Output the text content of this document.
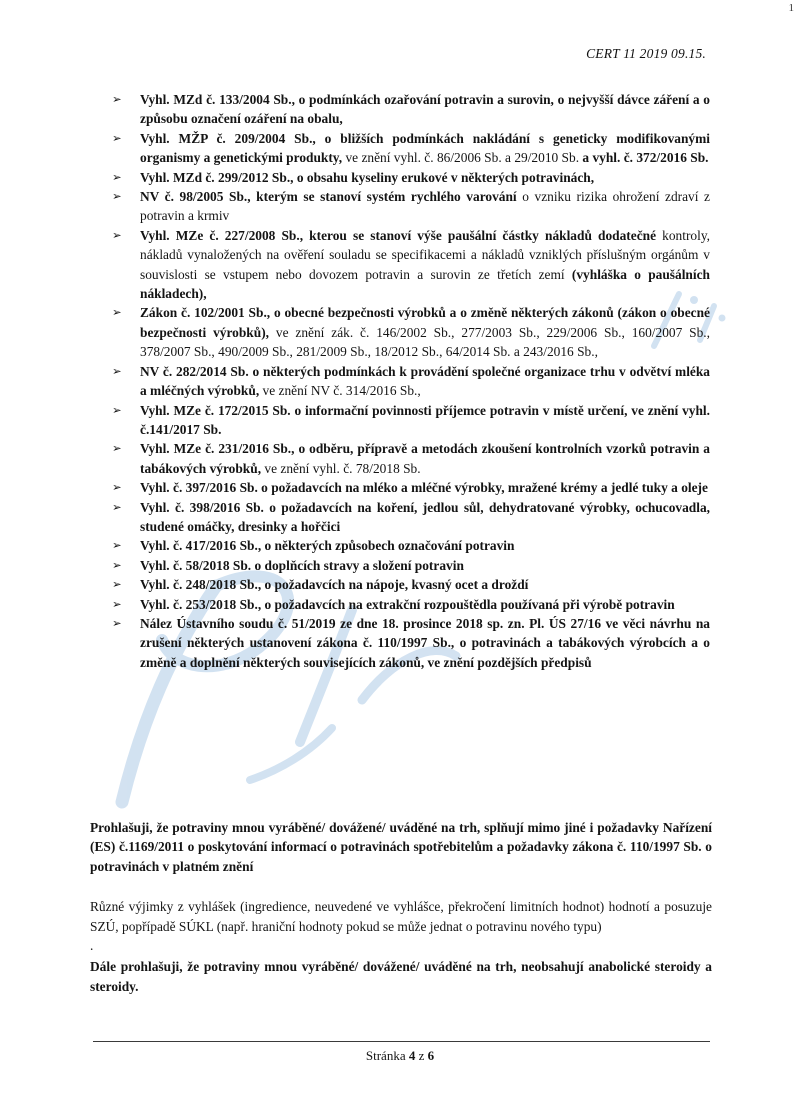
1
CERT 11 2019 09.15.
➢	Vyhl. MZd č. 133/2004 Sb., o podmínkách ozařování potravin a surovin, o nejvyšší dávce záření a o způsobu označení ozáření na obalu,
➢	Vyhl. MŽP č. 209/2004 Sb., o bližších podmínkách nakládání s geneticky modifikovanými organismy a genetickými produkty, ve znění vyhl. č. 86/2006 Sb. a 29/2010 Sb. a vyhl. č. 372/2016 Sb.
➢	Vyhl. MZd č. 299/2012 Sb., o obsahu kyseliny erukové v některých potravinách,
➢	NV č. 98/2005 Sb., kterým se stanoví systém rychlého varování o vzniku rizika ohrožení zdraví z potravin a krmiv
➢	Vyhl. MZe č. 227/2008 Sb., kterou se stanoví výše paušální částky nákladů dodatečné kontroly, nákladů vynaložených na ověření souladu se specifikacemi a nákladů vzniklých příslušným orgánům v souvislosti se vstupem nebo dovozem potravin a surovin ze třetích zemí (vyhláška o paušálních nákladech),
➢	Zákon č. 102/2001 Sb., o obecné bezpečnosti výrobků a o změně některých zákonů (zákon o obecné bezpečnosti výrobků), ve znění zák. č. 146/2002 Sb., 277/2003 Sb., 229/2006 Sb., 160/2007 Sb., 378/2007 Sb., 490/2009 Sb., 281/2009 Sb., 18/2012 Sb., 64/2014 Sb. a 243/2016 Sb.,
➢	NV č. 282/2014 Sb. o některých podmínkách k provádění společné organizace trhu v odvětví mléka a mléčných výrobků, ve znění NV č. 314/2016 Sb.,
➢	Vyhl. MZe č. 172/2015 Sb. o informační povinnosti příjemce potravin v místě určení, ve znění vyhl. č.141/2017 Sb.
➢	Vyhl. MZe č. 231/2016 Sb., o odběru, přípravě a metodách zkoušení kontrolních vzorků potravin a tabákových výrobků, ve znění vyhl. č. 78/2018 Sb.
➢	Vyhl. č. 397/2016 Sb. o požadavcích na mléko a mléčné výrobky, mražené krémy a jedlé tuky a oleje
➢	Vyhl. č. 398/2016 Sb. o požadavcích na koření, jedlou sůl, dehydratované výrobky, ochucovadla, studené omáčky, dresinky a hořčici
➢	Vyhl. č. 417/2016 Sb., o některých způsobech označování potravin
➢	Vyhl. č. 58/2018 Sb. o doplňcích stravy a složení potravin
➢	Vyhl. č. 248/2018 Sb., o požadavcích na nápoje, kvasný ocet a droždí
➢	Vyhl. č. 253/2018 Sb., o požadavcích na extrakční rozpouštědla používaná při výrobě potravin
➢	Nález Ústavního soudu č. 51/2019 ze dne 18. prosince 2018 sp. zn. Pl. ÚS 27/16 ve věci návrhu na zrušení některých ustanovení zákona č. 110/1997 Sb., o potravinách a tabákových výrobcích a o změně a doplnění některých souvisejících zákonů, ve znění pozdějších předpisů

Prohlašuji, že potraviny mnou vyráběné/ dovážené/ uváděné na trh, splňují mimo jiné i požadavky Nařízení (ES) č.1169/2011 o poskytování informací o potravinách spotřebitelům a požadavky zákona č. 110/1997 Sb. o potravinách v platném znění

Různé výjimky z vyhlášek (ingredience, neuvedené ve vyhlášce, překročení limitních hodnot) hodnotí a posuzuje SZÚ, popřípadě SÚKL (např. hraniční hodnoty pokud se může jednat o potravinu nového typu)

.

Dále prohlašuji, že potraviny mnou vyráběné/ dovážené/ uváděné na trh, neobsahují anabolické steroidy a steroidy.

Stránka 4 z 6
